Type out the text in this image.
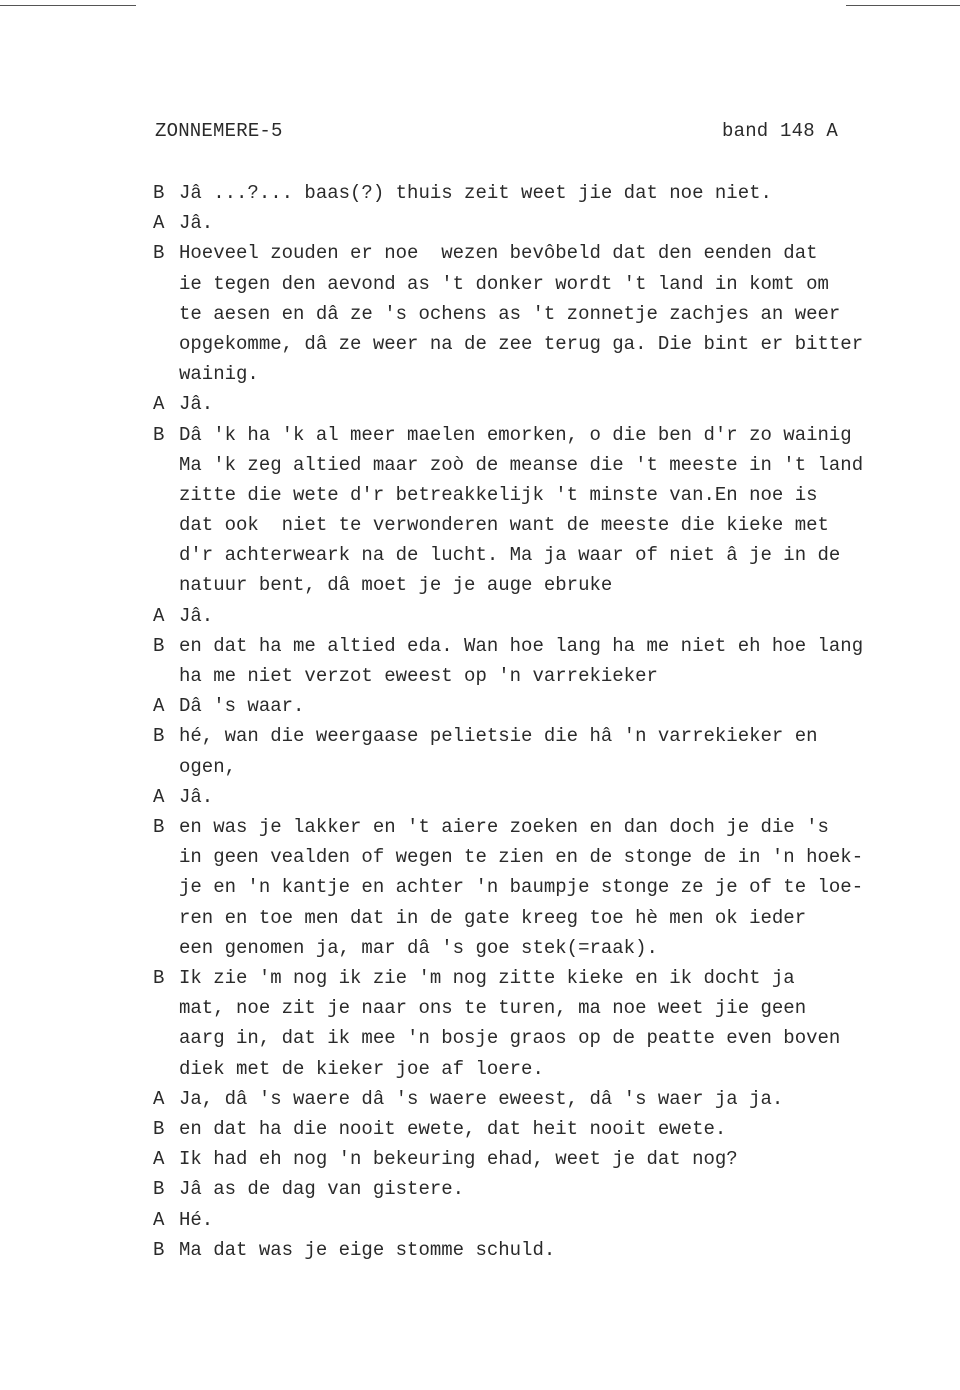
ZONNEMERE-5	band 148 A
B Jâ ...?... baas(?) thuis zeit weet jie dat noe niet.
A Jâ.
B Hoeveel zouden er noe  wezen bevôbeld dat den eenden dat
ie tegen den aevond as 't donker wordt 't land in komt om
te aesen en dâ ze 's ochens as 't zonnetje zachjes an weer
opgekomme, dâ ze weer na de zee terug ga. Die bint er bitter
wainig.
A Jâ.
B Dâ 'k ha 'k al meer maelen emorken, o die ben d'r zo wainig
Ma 'k zeg altied maar zoò de meanse die 't meeste in 't land
zitte die wete d'r betreakkelijk 't minste van.En noe is
dat ook  niet te verwonderen want de meeste die kieke met
d'r achterweark na de lucht. Ma ja waar of niet â je in de
natuur bent, dâ moet je je auge ebruke
A Jâ.
B en dat ha me altied eda. Wan hoe lang ha me niet eh hoe lang
ha me niet verzot eweest op 'n varrekieker
A Dâ 's waar.
B hé, wan die weergaase pelietsie die hâ 'n varrekieker en
ogen,
A Jâ.
B en was je lakker en 't aiere zoeken en dan doch je die 's
in geen vealden of wegen te zien en de stonge de in 'n hoek-
je en 'n kantje en achter 'n baumpje stonge ze je of te loe-
ren en toe men dat in de gate kreeg toe hè men ok ieder
een genomen ja, mar dâ 's goe stek(=raak).
B Ik zie 'm nog ik zie 'm nog zitte kieke en ik docht ja
mat, noe zit je naar ons te turen, ma noe weet jie geen
aarg in, dat ik mee 'n bosje graos op de peatte even boven
diek met de kieker joe af loere.
A Ja, dâ 's waere dâ 's waere eweest, dâ 's waer ja ja.
B en dat ha die nooit ewete, dat heit nooit ewete.
A Ik had eh nog 'n bekeuring ehad, weet je dat nog?
B Jâ as de dag van gistere.
A Hé.
B Ma dat was je eige stomme schuld.
